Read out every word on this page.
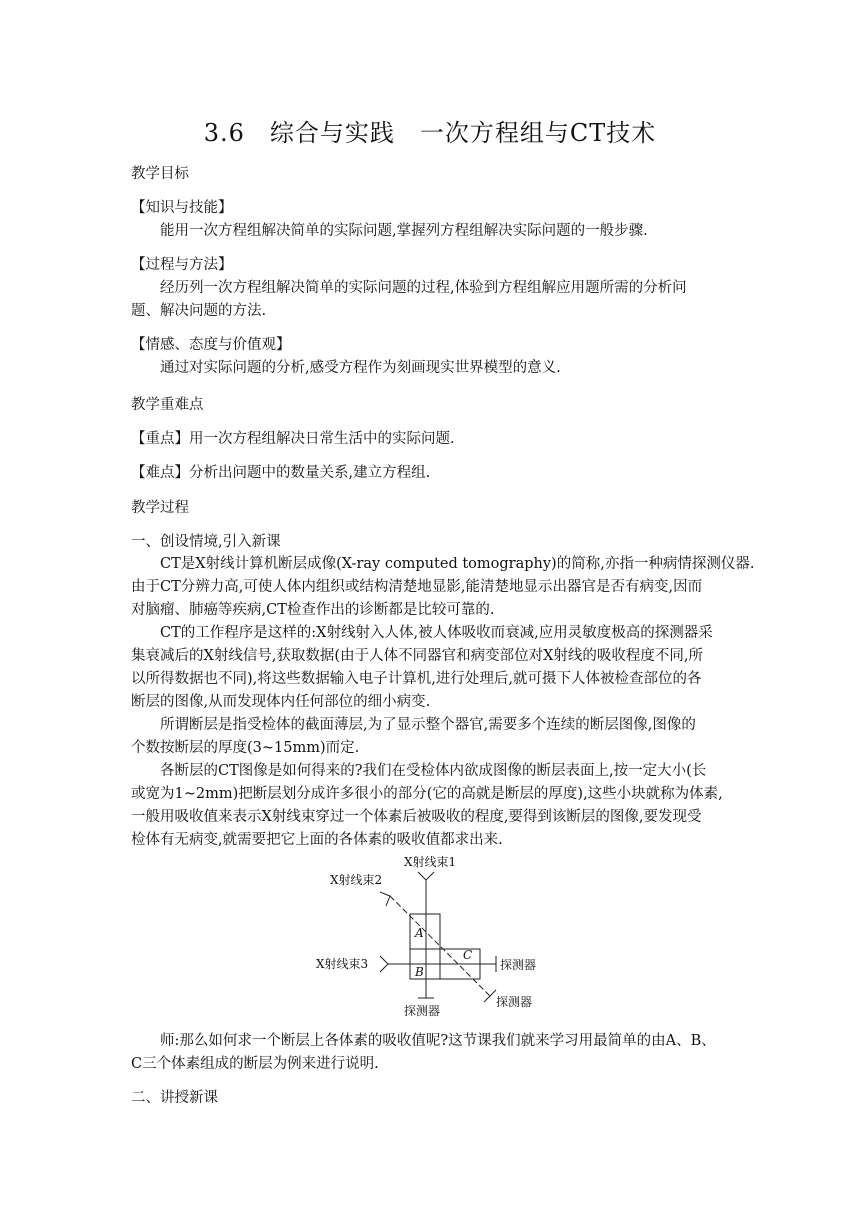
3.6　综合与实践　一次方程组与CT技术
教学目标
【知识与技能】
能用一次方程组解决简单的实际问题,掌握列方程组解决实际问题的一般步骤.
【过程与方法】
经历列一次方程组解决简单的实际问题的过程,体验到方程组解应用题所需的分析问
题、解决问题的方法.
【情感、态度与价值观】
通过对实际问题的分析,感受方程作为刻画现实世界模型的意义.
教学重难点
【重点】用一次方程组解决日常生活中的实际问题.
【难点】分析出问题中的数量关系,建立方程组.
教学过程
一、创设情境,引入新课
CT是X射线计算机断层成像(X-ray computed tomography)的简称,亦指一种病情探测仪器.
由于CT分辨力高,可使人体内组织或结构清楚地显影,能清楚地显示出器官是否有病变,因而
对脑瘤、肺癌等疾病,CT检查作出的诊断都是比较可靠的.
CT的工作程序是这样的:X射线射入人体,被人体吸收而衰减,应用灵敏度极高的探测器采
集衰减后的X射线信号,获取数据(由于人体不同器官和病变部位对X射线的吸收程度不同,所
以所得数据也不同),将这些数据输入电子计算机,进行处理后,就可摄下人体被检查部位的各
断层的图像,从而发现体内任何部位的细小病变.
所谓断层是指受检体的截面薄层,为了显示整个器官,需要多个连续的断层图像,图像的
个数按断层的厚度(3~15mm)而定.
各断层的CT图像是如何得来的?我们在受检体内欲成图像的断层表面上,按一定大小(长
或宽为1~2mm)把断层划分成许多很小的部分(它的高就是断层的厚度),这些小块就称为体素,
一般用吸收值来表示X射线束穿过一个体素后被吸收的程度,要得到该断层的图像,要发现受
检体有无病变,就需要把它上面的各体素的吸收值都求出来.
X射线束1
X射线束2
X射线束3
A
B
C
探测器
探测器
探测器
师:那么如何求一个断层上各体素的吸收值呢?这节课我们就来学习用最简单的由A、B、
C三个体素组成的断层为例来进行说明.
二、讲授新课
